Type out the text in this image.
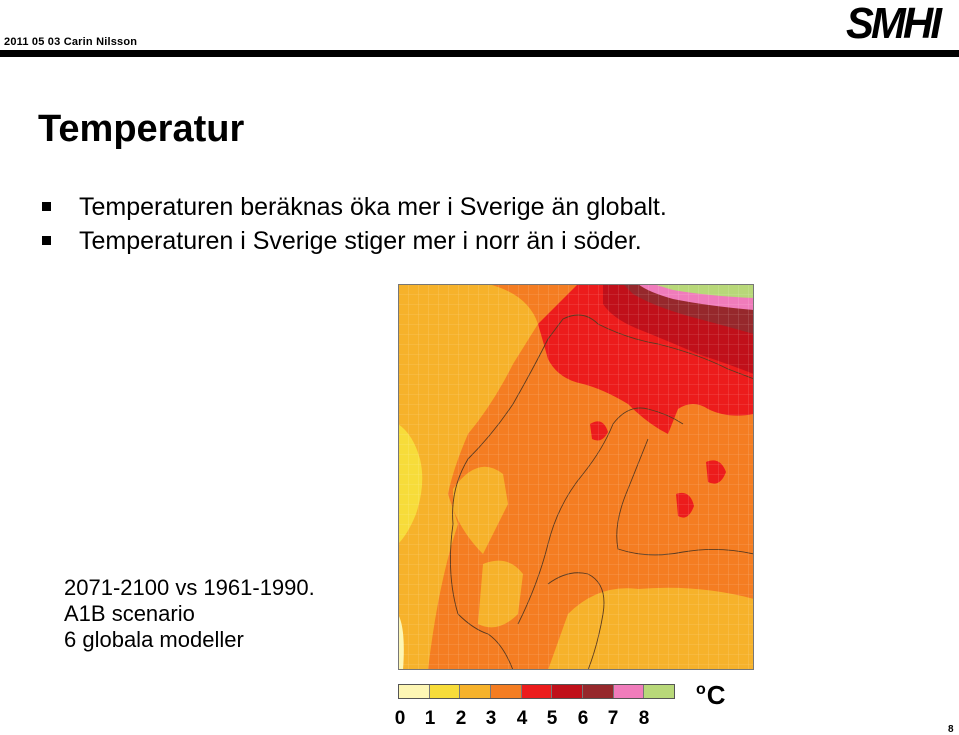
2011 05 03 Carin Nilsson	SMHI
Temperatur
Temperaturen beräknas öka mer i Sverige än globalt.
Temperaturen i Sverige stiger mer i norr än i söder.
2071-2100 vs 1961-1990.
A1B scenario
6 globala modeller
0 1 2 3 4 5 6 7 8
$^o$C
8
